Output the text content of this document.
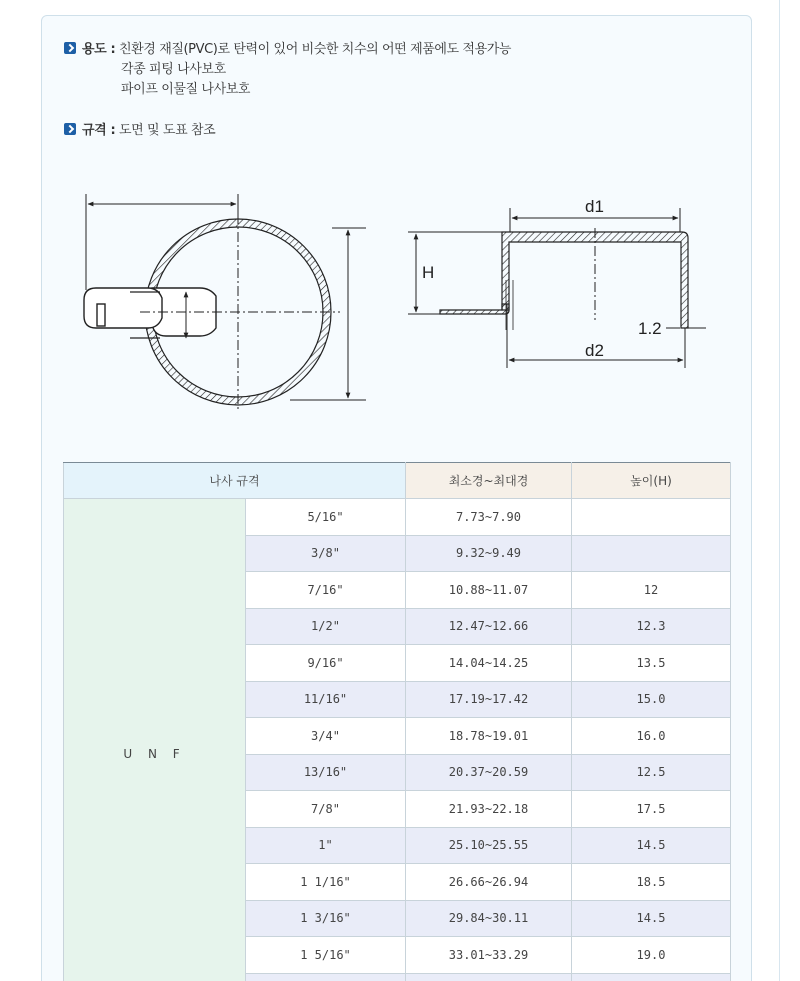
용도 : 친환경 재질(PVC)로 탄력이 있어 비슷한 치수의 어떤 제품에도 적용가능
각종 피팅 나사보호
파이프 이물질 나사보호
규격 : 도면 및 도표 참조
d1
H
d2
1.2
나사 규격		최소경~최대경	높이(H)
U N F	5/16"	7.73~7.90	
	3/8"	9.32~9.49	
	7/16"	10.88~11.07	12
	1/2"	12.47~12.66	12.3
	9/16"	14.04~14.25	13.5
	11/16"	17.19~17.42	15.0
	3/4"	18.78~19.01	16.0
	13/16"	20.37~20.59	12.5
	7/8"	21.93~22.18	17.5
	1"	25.10~25.55	14.5
	1 1/16"	26.66~26.94	18.5
	1 3/16"	29.84~30.11	14.5
	1 5/16"	33.01~33.29	19.0
